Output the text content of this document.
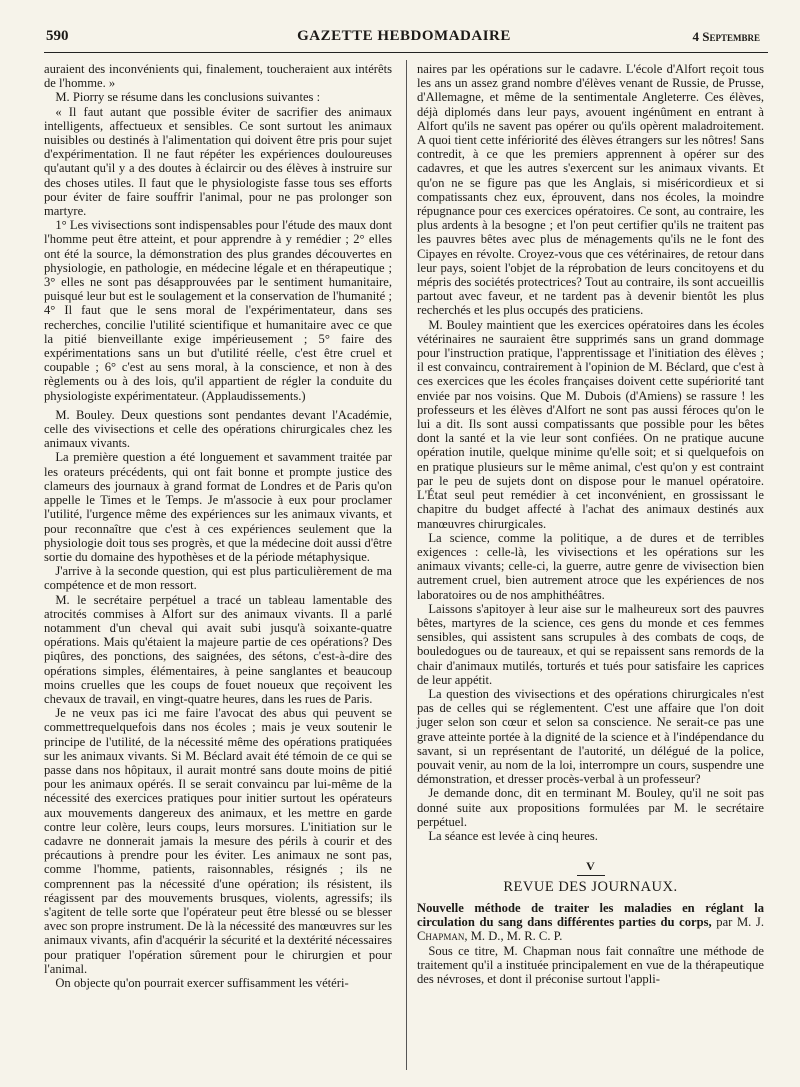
590	GAZETTE HEBDOMADAIRE	4 Septembre

auraient des inconvénients qui, finalement, toucheraient aux intérêts de l'homme. »

M. Piorry se résume dans les conclusions suivantes :

« Il faut autant que possible éviter de sacrifier des animaux intelligents, affectueux et sensibles. Ce sont surtout les animaux nuisibles ou destinés à l'alimentation qui doivent être pris pour sujet d'expérimentation. Il ne faut répéter les expériences douloureuses qu'autant qu'il y a des doutes à éclaircir ou des élèves à instruire sur des choses utiles. Il faut que le physiologiste fasse tous ses efforts pour éviter de faire souffrir l'animal, pour ne pas prolonger son martyre.

1° Les vivisections sont indispensables pour l'étude des maux dont l'homme peut être atteint, et pour apprendre à y remédier ; 2° elles ont été la source, la démonstration des plus grandes découvertes en physiologie, en pathologie, en médecine légale et en thérapeutique ; 3° elles ne sont pas désapprouvées par le sentiment humanitaire, puisqué leur but est le soulagement et la conservation de l'humanité ; 4° Il faut que le sens moral de l'expérimentateur, dans ses recherches, concilie l'utilité scientifique et humanitaire avec ce que la pitié bienveillante exige impérieusement ; 5° faire des expérimentations sans un but d'utilité réelle, c'est être cruel et coupable ; 6° c'est au sens moral, à la conscience, et non à des règlements ou à des lois, qu'il appartient de régler la conduite du physiologiste expérimentateur. (Applaudissements.)

M. Bouley. Deux questions sont pendantes devant l'Académie, celle des vivisections et celle des opérations chirurgicales chez les animaux vivants.

La première question a été longuement et savamment traitée par les orateurs précédents, qui ont fait bonne et prompte justice des clameurs des journaux à grand format de Londres et de Paris qu'on appelle le Times et le Temps. Je m'associe à eux pour proclamer l'utilité, l'urgence même des expériences sur les animaux vivants, et pour reconnaître que c'est à ces expériences seulement que la physiologie doit tous ses progrès, et que la médecine doit aussi d'être sortie du domaine des hypothèses et de la période métaphysique.

J'arrive à la seconde question, qui est plus particulièrement de ma compétence et de mon ressort.

M. le secrétaire perpétuel a tracé un tableau lamentable des atrocités commises à Alfort sur des animaux vivants. Il a parlé notamment d'un cheval qui avait subi jusqu'à soixante-quatre opérations. Mais qu'étaient la majeure partie de ces opérations? Des piqûres, des ponctions, des saignées, des sétons, c'est-à-dire des opérations simples, élémentaires, à peine sanglantes et beaucoup moins cruelles que les coups de fouet noueux que reçoivent les chevaux de travail, en vingt-quatre heures, dans les rues de Paris.

Je ne veux pas ici me faire l'avocat des abus qui peuvent se commettrequelquefois dans nos écoles ; mais je veux soutenir le principe de l'utilité, de la nécessité même des opérations pratiquées sur les animaux vivants. Si M. Béclard avait été témoin de ce qui se passe dans nos hôpitaux, il aurait montré sans doute moins de pitié pour les animaux opérés. Il se serait convaincu par lui-même de la nécessité des exercices pratiques pour initier surtout les opérateurs aux mouvements dangereux des animaux, et les mettre en garde contre leur colère, leurs coups, leurs morsures. L'initiation sur le cadavre ne donnerait jamais la mesure des périls à courir et des précautions à prendre pour les éviter. Les animaux ne sont pas, comme l'homme, patients, raisonnables, résignés ; ils ne comprennent pas la nécessité d'une opération; ils résistent, ils réagissent par des mouvements brusques, violents, agressifs; ils s'agitent de telle sorte que l'opérateur peut être blessé ou se blesser avec son propre instrument. De là la nécessité des manœuvres sur les animaux vivants, afin d'acquérir la sécurité et la dextérité nécessaires pour pratiquer l'opération sûrement pour le chirurgien et pour l'animal.

On objecte qu'on pourrait exercer suffisamment les vétéri-

naires par les opérations sur le cadavre. L'école d'Alfort reçoit tous les ans un assez grand nombre d'élèves venant de Russie, de Prusse, d'Allemagne, et même de la sentimentale Angleterre. Ces élèves, déjà diplomés dans leur pays, avouent ingénûment en entrant à Alfort qu'ils ne savent pas opérer ou qu'ils opèrent maladroitement. A quoi tient cette infériorité des élèves étrangers sur les nôtres! Sans contredit, à ce que les premiers apprennent à opérer sur des cadavres, et que les autres s'exercent sur les animaux vivants. Et qu'on ne se figure pas que les Anglais, si miséricordieux et si compatissants chez eux, éprouvent, dans nos écoles, la moindre répugnance pour ces exercices opératoires. Ce sont, au contraire, les plus ardents à la besogne ; et l'on peut certifier qu'ils ne traitent pas les pauvres bêtes avec plus de ménagements qu'ils ne le font des Cipayes en révolte. Croyez-vous que ces vétérinaires, de retour dans leur pays, soient l'objet de la réprobation de leurs concitoyens et du mépris des sociétés protectrices? Tout au contraire, ils sont accueillis partout avec faveur, et ne tardent pas à devenir bientôt les plus recherchés et les plus occupés des praticiens.

M. Bouley maintient que les exercices opératoires dans les écoles vétérinaires ne sauraient être supprimés sans un grand dommage pour l'instruction pratique, l'apprentissage et l'initiation des élèves ; il est convaincu, contrairement à l'opinion de M. Béclard, que c'est à ces exercices que les écoles françaises doivent cette supériorité tant enviée par nos voisins. Que M. Dubois (d'Amiens) se rassure ! les professeurs et les élèves d'Alfort ne sont pas aussi féroces qu'on le lui a dit. Ils sont aussi compatissants que possible pour les bêtes dont la santé et la vie leur sont confiées. On ne pratique aucune opération inutile, quelque minime qu'elle soit; et si quelquefois on en pratique plusieurs sur le même animal, c'est qu'on y est contraint par le peu de sujets dont on dispose pour le manuel opératoire. L'État seul peut remédier à cet inconvénient, en grossissant le chapitre du budget affecté à l'achat des animaux destinés aux manœuvres chirurgicales.

La science, comme la politique, a de dures et de terribles exigences : celle-là, les vivisections et les opérations sur les animaux vivants; celle-ci, la guerre, autre genre de vivisection bien autrement cruel, bien autrement atroce que les expériences de nos laboratoires ou de nos amphithéâtres.

Laissons s'apitoyer à leur aise sur le malheureux sort des pauvres bêtes, martyres de la science, ces gens du monde et ces femmes sensibles, qui assistent sans scrupules à des combats de coqs, de bouledogues ou de taureaux, et qui se repaissent sans remords de la chair d'animaux mutilés, torturés et tués pour satisfaire les caprices de leur appétit.

La question des vivisections et des opérations chirurgicales n'est pas de celles qui se réglementent. C'est une affaire que l'on doit juger selon son cœur et selon sa conscience. Ne serait-ce pas une grave atteinte portée à la dignité de la science et à l'indépendance du savant, si un représentant de l'autorité, un délégué de la police, pouvait venir, au nom de la loi, interrompre un cours, suspendre une démonstration, et dresser procès-verbal à un professeur?

Je demande donc, dit en terminant M. Bouley, qu'il ne soit pas donné suite aux propositions formulées par M. le secrétaire perpétuel.

La séance est levée à cinq heures.

V
REVUE DES JOURNAUX.

Nouvelle méthode de traiter les maladies en réglant la circulation du sang dans différentes parties du corps, par M. J. Chapman, M. D., M. R. C. P.

Sous ce titre, M. Chapman nous fait connaître une méthode de traitement qu'il a instituée principalement en vue de la thérapeutique des névroses, et dont il préconise surtout l'appli-
